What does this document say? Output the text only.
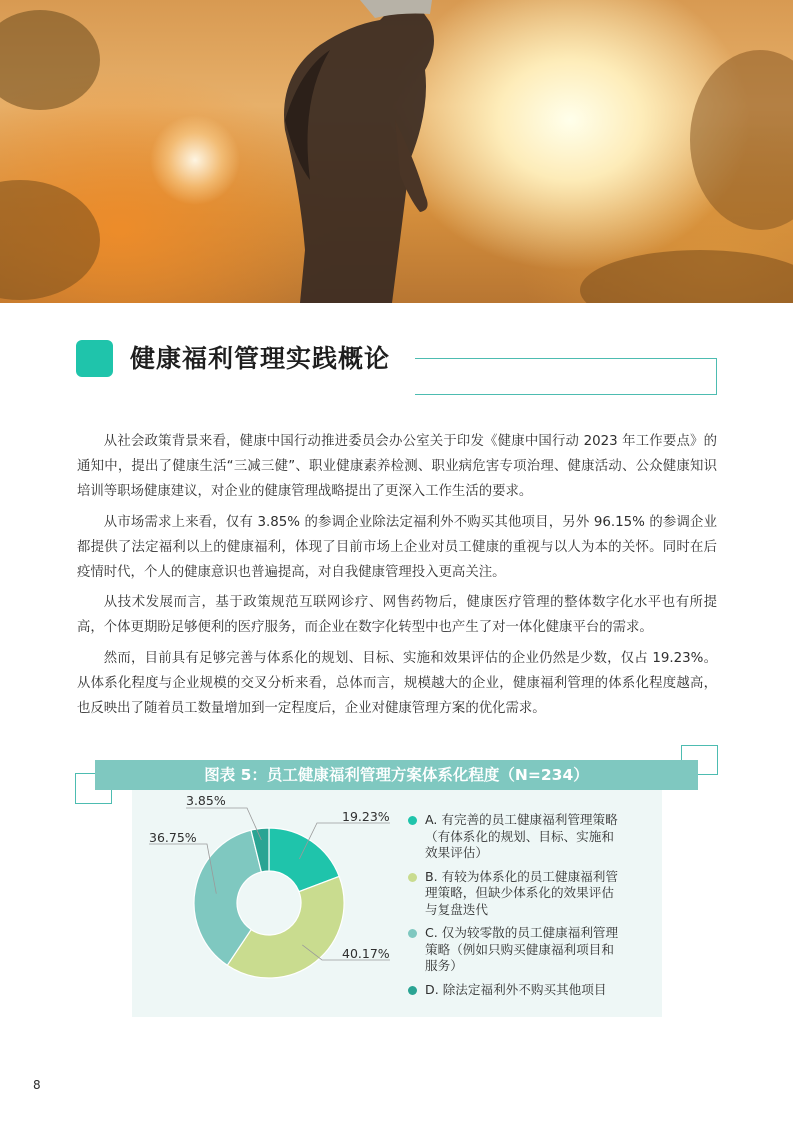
健康福利管理实践概论

从社会政策背景来看，健康中国行动推进委员会办公室关于印发《健康中国行动 2023 年工作要点》的通知中，提出了健康生活“三减三健”、职业健康素养检测、职业病危害专项治理、健康活动、公众健康知识培训等职场健康建议，对企业的健康管理战略提出了更深入工作生活的要求。

从市场需求上来看，仅有 3.85% 的参调企业除法定福利外不购买其他项目，另外 96.15% 的参调企业都提供了法定福利以上的健康福利，体现了目前市场上企业对员工健康的重视与以人为本的关怀。同时在后疫情时代，个人的健康意识也普遍提高，对自我健康管理投入更高关注。

从技术发展而言，基于政策规范互联网诊疗、网售药物后，健康医疗管理的整体数字化水平也有所提高，个体更期盼足够便利的医疗服务，而企业在数字化转型中也产生了对一体化健康平台的需求。

然而，目前具有足够完善与体系化的规划、目标、实施和效果评估的企业仍然是少数，仅占 19.23%。从体系化程度与企业规模的交叉分析来看，总体而言，规模越大的企业，健康福利管理的体系化程度越高，也反映出了随着员工数量增加到一定程度后，企业对健康管理方案的优化需求。

图表 5：员工健康福利管理方案体系化程度（N=234）
19.23%
40.17%
36.75%
3.85%
A. 有完善的员工健康福利管理策略
（有体系化的规划、目标、实施和
效果评估）
B. 有较为体系化的员工健康福利管
理策略，但缺少体系化的效果评估
与复盘迭代
C. 仅为较零散的员工健康福利管理
策略（例如只购买健康福利项目和
服务）
D. 除法定福利外不购买其他项目
8
